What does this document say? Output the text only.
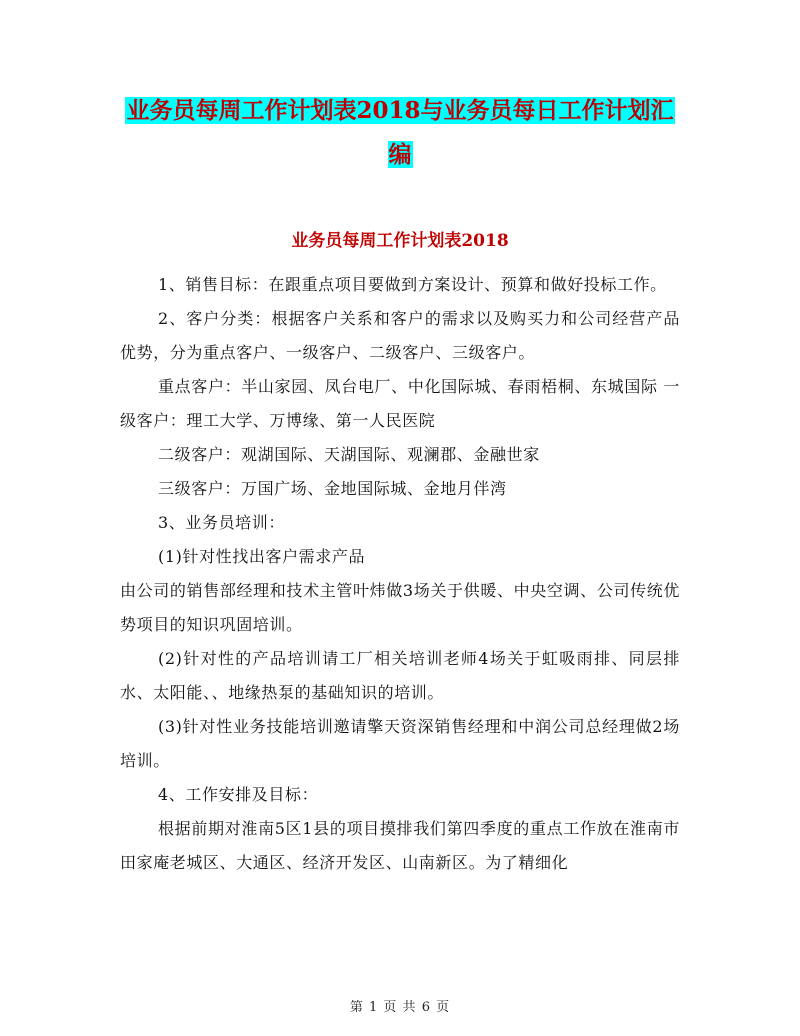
业务员每周工作计划表2018与业务员每日工作计划汇
编
业务员每周工作计划表2018

1、销售目标：在跟重点项目要做到方案设计、预算和做好投标工作。

2、客户分类：根据客户关系和客户的需求以及购买力和公司经营产品优势，分为重点客户、一级客户、二级客户、三级客户。

重点客户：半山家园、凤台电厂、中化国际城、春雨梧桐、东城国际 一级客户：理工大学、万博缘、第一人民医院

二级客户：观湖国际、天湖国际、观澜郡、金融世家

三级客户：万国广场、金地国际城、金地月伴湾

3、业务员培训：

(1)针对性找出客户需求产品

由公司的销售部经理和技术主管叶炜做3场关于供暖、中央空调、公司传统优势项目的知识巩固培训。

(2)针对性的产品培训请工厂相关培训老师4场关于虹吸雨排、同层排水、太阳能、、地缘热泵的基础知识的培训。

(3)针对性业务技能培训邀请擎天资深销售经理和中润公司总经理做2场培训。

4、工作安排及目标：

根据前期对淮南5区1县的项目摸排我们第四季度的重点工作放在淮南市田家庵老城区、大通区、经济开发区、山南新区。为了精细化

第 1 页 共 6 页
